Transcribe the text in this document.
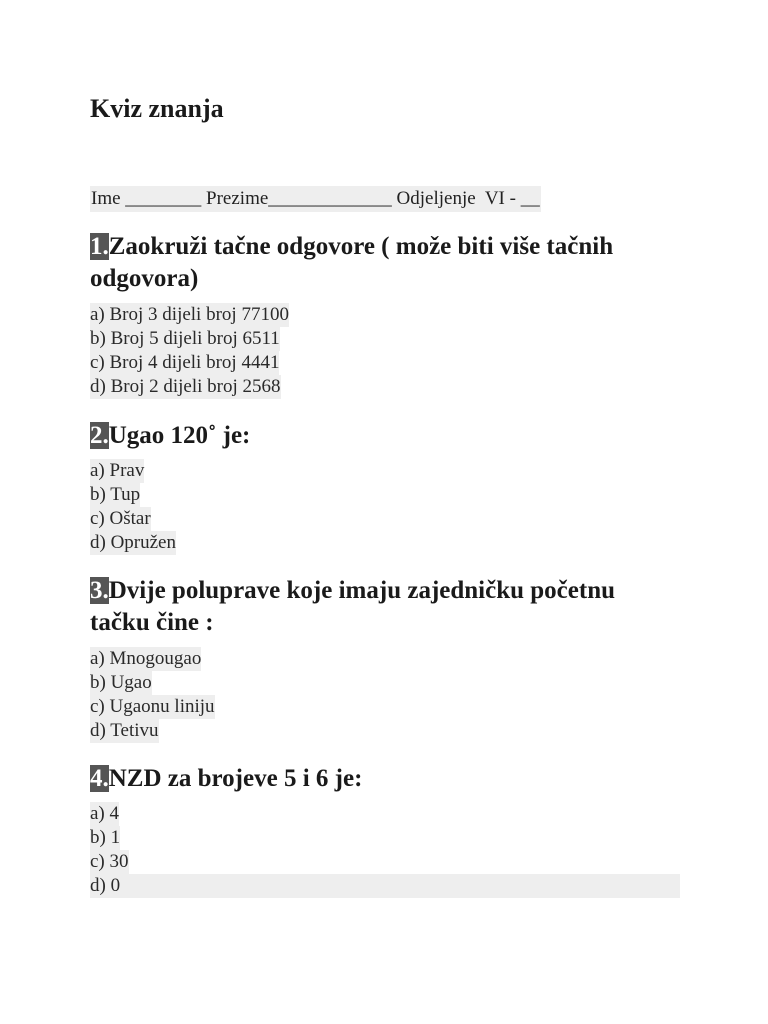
Kviz znanja
Ime ________ Prezime_____________ Odjeljenje  VI - __
1.Zaokruži tačne odgovore ( može biti više tačnih odgovora)
a) Broj 3 dijeli broj 77100
b) Broj 5 dijeli broj 6511
c) Broj 4 dijeli broj 4441
d) Broj 2 dijeli broj 2568
2.Ugao 120˚ je:
a) Prav
b) Tup
c) Oštar
d) Opružen
3.Dvije poluprave koje imaju zajedničku početnu tačku čine :
a) Mnogougao
b) Ugao
c) Ugaonu liniju
d) Tetivu
4.NZD za brojeve 5 i 6 je:
a) 4
b) 1
c) 30
d) 0
